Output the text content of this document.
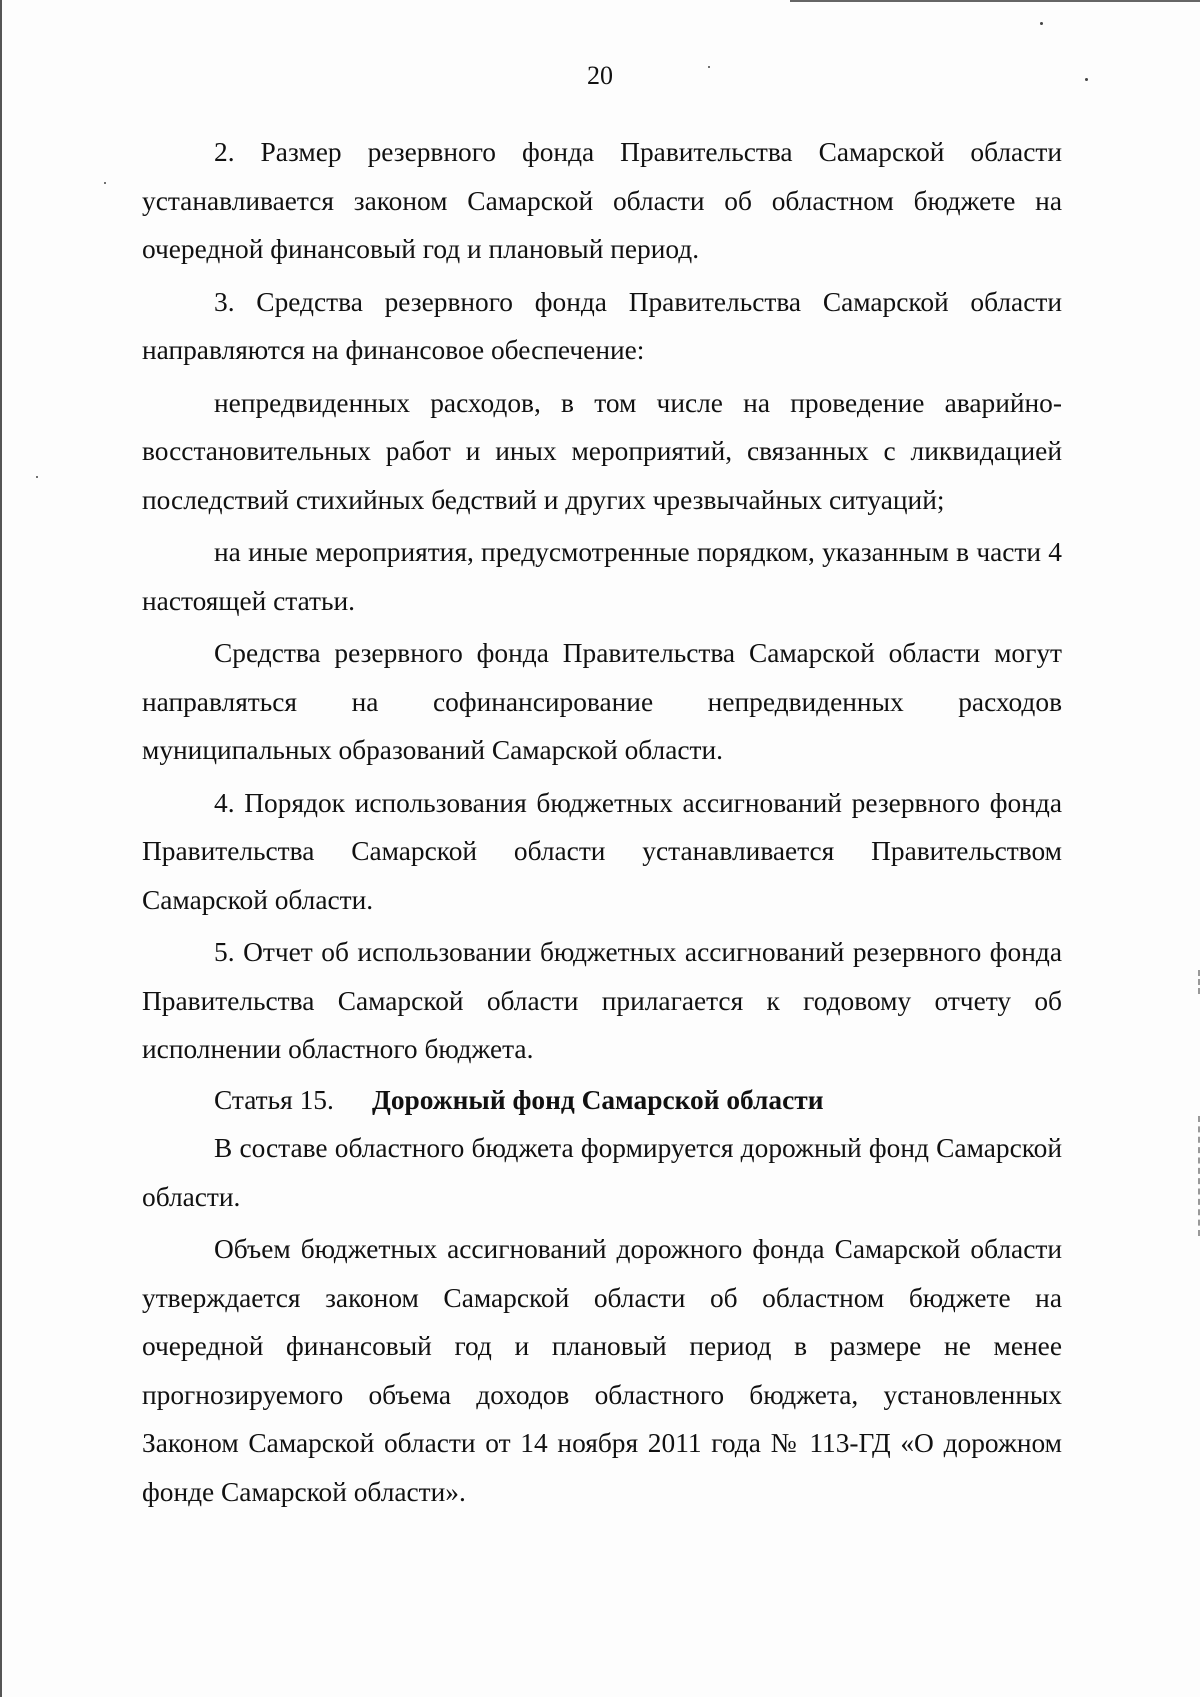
20

2. Размер резервного фонда Правительства Самарской области устанавливается законом Самарской области об областном бюджете на очередной финансовый год и плановый период.

3. Средства резервного фонда Правительства Самарской области направляются на финансовое обеспечение:

непредвиденных расходов, в том числе на проведение аварийно-восстановительных работ и иных мероприятий, связанных с ликвидацией последствий стихийных бедствий и других чрезвычайных ситуаций;

на иные мероприятия, предусмотренные порядком, указанным в части 4 настоящей статьи.

Средства резервного фонда Правительства Самарской области могут направляться на софинансирование непредвиденных расходов муниципальных образований Самарской области.

4. Порядок использования бюджетных ассигнований резервного фонда Правительства Самарской области устанавливается Правительством Самарской области.

5. Отчет об использовании бюджетных ассигнований резервного фонда Правительства Самарской области прилагается к годовому отчету об исполнении областного бюджета.

Статья 15. Дорожный фонд Самарской области

В составе областного бюджета формируется дорожный фонд Самарской области.

Объем бюджетных ассигнований дорожного фонда Самарской области утверждается законом Самарской области об областном бюджете на очередной финансовый год и плановый период в размере не менее прогнозируемого объема доходов областного бюджета, установленных Законом Самарской области от 14 ноября 2011 года № 113-ГД «О дорожном фонде Самарской области».
